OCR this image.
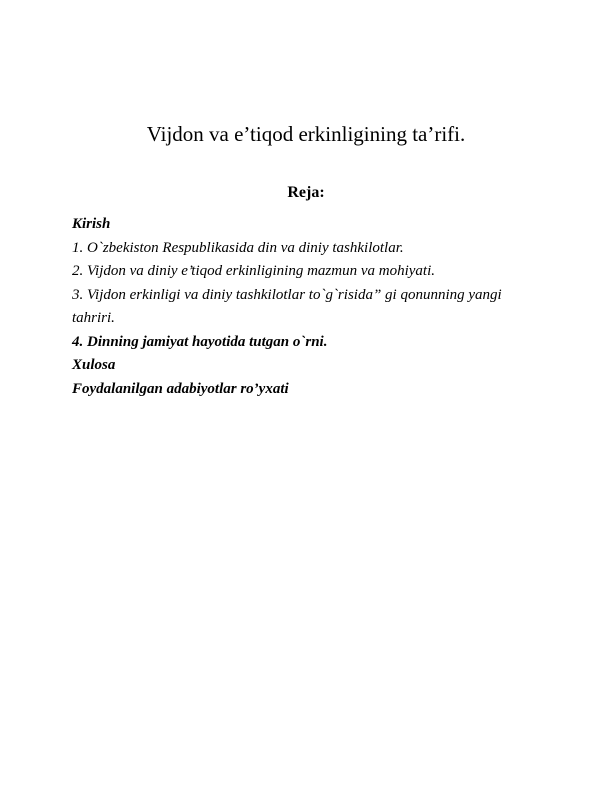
Vijdon va e’tiqod erkinligining ta’rifi.
Reja:
Kirish
1. O`zbekiston Respublikasida din va diniy tashkilotlar.
2. Vijdon va diniy e’tiqod erkinligining mazmun va mohiyati.
3. Vijdon erkinligi va diniy tashkilotlar to`g`risida” gi qonunning yangi tahriri.
4. Dinning jamiyat hayotida tutgan o`rni.
Xulosa
Foydalanilgan adabiyotlar ro’yxati
